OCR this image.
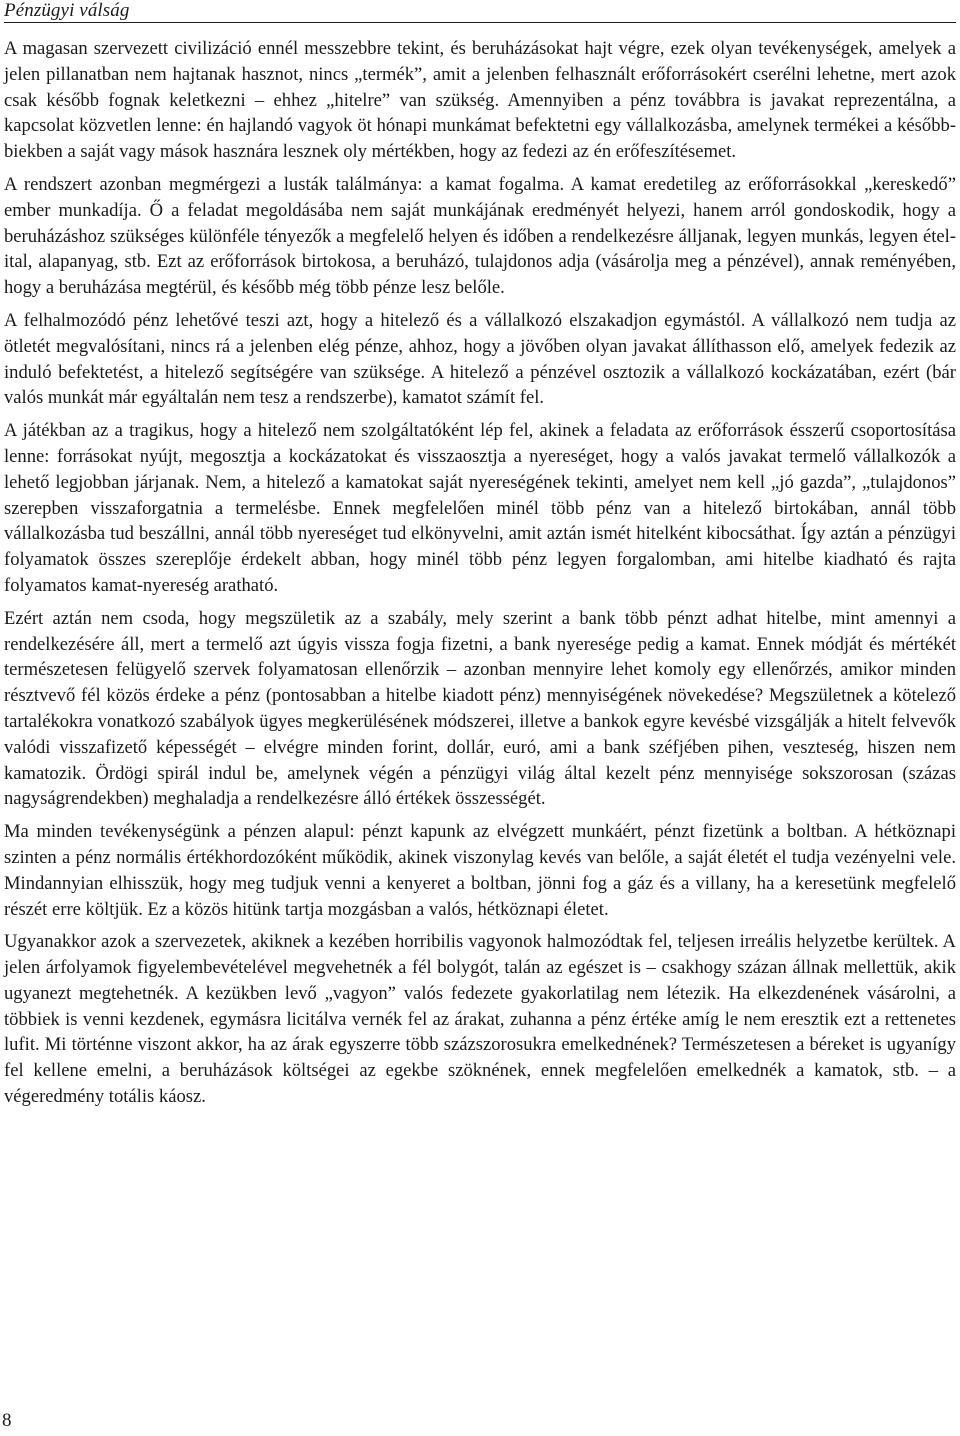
Pénzügyi válság

A magasan szervezett civilizáció ennél messzebbre tekint, és beruházásokat hajt végre, ezek olyan tevékenységek, amelyek a jelen pillanatban nem hajtanak hasznot, nincs „termék”, amit a jelenben felhasznált erőforrásokért cserélni lehetne, mert azok csak később fognak keletkezni – ehhez „hitelre” van szükség. Amennyiben a pénz továbbra is javakat reprezentálna, a kapcsolat közvetlen lenne: én hajlandó vagyok öt hónapi munkámat befektetni egy vállalkozásba, amelynek termékei a későbbbiekben a saját vagy mások hasznára lesznek oly mértékben, hogy az fedezi az én erőfeszítésemet.

A rendszert azonban megmérgezi a lusták találmánya: a kamat fogalma. A kamat eredetileg az erőforrásokkal „kereskedő” ember munkadíja. Ő a feladat megoldásába nem saját munkájának eredményét helyezi, hanem arról gondoskodik, hogy a beruházáshoz szükséges különféle tényezők a megfelelő helyen és időben a rendelkezésre álljanak, legyen munkás, legyen étel-ital, alapanyag, stb. Ezt az erőforrások birtokosa, a beruházó, tulajdonos adja (vásárolja meg a pénzével), annak reményében, hogy a beruházása megtérül, és később még több pénze lesz belőle.

A felhalmozódó pénz lehetővé teszi azt, hogy a hitelező és a vállalkozó elszakadjon egymástól. A vállalkozó nem tudja az ötletét megvalósítani, nincs rá a jelenben elég pénze, ahhoz, hogy a jövőben olyan javakat állíthasson elő, amelyek fedezik az induló befektetést, a hitelező segítségére van szüksége. A hitelező a pénzével osztozik a vállalkozó kockázatában, ezért (bár valós munkát már egyáltalán nem tesz a rendszerbe), kamatot számít fel.

A játékban az a tragikus, hogy a hitelező nem szolgáltatóként lép fel, akinek a feladata az erőforrások ésszerű csoportosítása lenne: forrásokat nyújt, megosztja a kockázatokat és visszaosztja a nyereséget, hogy a valós javakat termelő vállalkozók a lehető legjobban járjanak. Nem, a hitelező a kamatokat saját nyereségének tekinti, amelyet nem kell „jó gazda”, „tulajdonos” szerepben visszaforgatnia a termelésbe. Ennek megfelelően minél több pénz van a hitelező birtokában, annál több vállalkozásba tud beszállni, annál több nyereséget tud elkönyvelni, amit aztán ismét hitelként kibocsáthat. Így aztán a pénzügyi folyamatok összes szereplője érdekelt abban, hogy minél több pénz legyen forgalomban, ami hitelbe kiadható és rajta folyamatos kamat-nyereség aratható.

Ezért aztán nem csoda, hogy megszületik az a szabály, mely szerint a bank több pénzt adhat hitelbe, mint amennyi a rendelkezésére áll, mert a termelő azt úgyis vissza fogja fizetni, a bank nyeresége pedig a kamat. Ennek módját és mértékét természetesen felügyelő szervek folyamatosan ellenőrzik – azonban mennyire lehet komoly egy ellenőrzés, amikor minden résztvevő fél közös érdeke a pénz (pontosabban a hitelbe kiadott pénz) mennyiségének növekedése? Megszületnek a kötelező tartalékokra vonatkozó szabályok ügyes megkerülésének módszerei, illetve a bankok egyre kevésbé vizsgálják a hitelt felvevők valódi visszafizető képességét – elvégre minden forint, dollár, euró, ami a bank széfjében pihen, veszteség, hiszen nem kamatozik. Ördögi spirál indul be, amelynek végén a pénzügyi világ által kezelt pénz mennyisége sokszorosan (százas nagyságrendekben) meghaladja a rendelkezésre álló értékek összességét.

Ma minden tevékenységünk a pénzen alapul: pénzt kapunk az elvégzett munkáért, pénzt fizetünk a boltban. A hétköznapi szinten a pénz normális értékhordozóként működik, akinek viszonylag kevés van belőle, a saját életét el tudja vezényelni vele. Mindannyian elhisszük, hogy meg tudjuk venni a kenyeret a boltban, jönni fog a gáz és a villany, ha a keresetünk megfelelő részét erre költjük. Ez a közös hitünk tartja mozgásban a valós, hétköznapi életet.

Ugyanakkor azok a szervezetek, akiknek a kezében horribilis vagyonok halmozódtak fel, teljesen irreális helyzetbe kerültek. A jelen árfolyamok figyelembevételével megvehetnék a fél bolygót, talán az egészet is – csakhogy százan állnak mellettük, akik ugyanezt megtehetnék. A kezükben levő „vagyon” valós fedezete gyakorlatilag nem létezik. Ha elkezdenének vásárolni, a többiek is venni kezdenek, egymásra licitálva vernék fel az árakat, zuhanna a pénz értéke amíg le nem eresztik ezt a rettenetes lufit. Mi történne viszont akkor, ha az árak egyszerre több százszorosukra emelkednének? Természetesen a béreket is ugyanígy fel kellene emelni, a beruházások költségei az egekbe szöknének, ennek megfelelően emelkednék a kamatok, stb. – a végeredmény totális káosz.

8
